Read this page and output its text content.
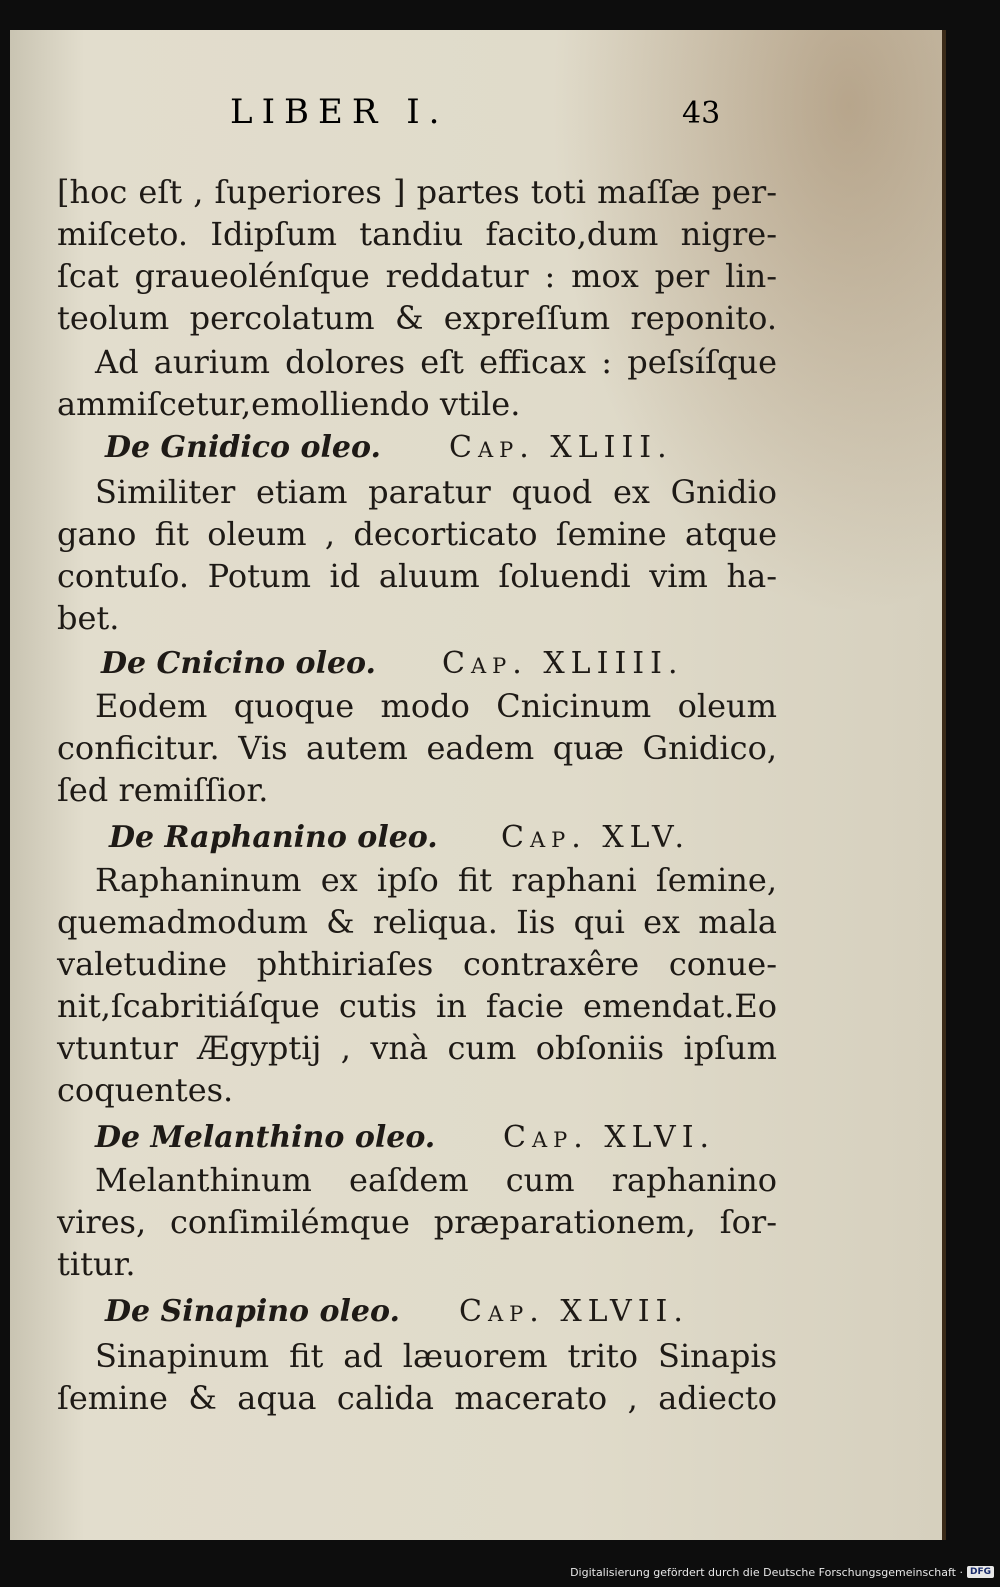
LIBER I.	43
[hoc eſt , ſuperiores ] partes toti maſſæ per-
miſceto. Idipſum tandiu facito,dum nigre-
ſcat graueolénſque reddatur : mox per lin-
teolum percolatum & expreſſum reponito.
Ad aurium dolores eſt efficax : peſsíſque
ammiſcetur,emolliendo vtile.
De Gnidico oleo. Cap. XLIII.
Similiter etiam paratur quod ex Gnidio
gano fit oleum , decorticato ſemine atque
contuſo. Potum id aluum ſoluendi vim ha-
bet.
De Cnicino oleo. Cap. XLIIII.
Eodem quoque modo Cnicinum oleum
conficitur. Vis autem eadem quæ Gnidico,
ſed remiſſior.
De Raphanino oleo. Cap. XLV.
Raphaninum ex ipſo fit raphani ſemine,
quemadmodum & reliqua. Iis qui ex mala
valetudine phthiriaſes contraxêre conue-
nit,ſcabritiáſque cutis in facie emendat.Eo
vtuntur Ægyptij , vnà cum obſoniis ipſum
coquentes.
De Melanthino oleo. Cap. XLVI.
Melanthinum eaſdem cum raphanino
vires, conſimilémque præparationem, ſor-
titur.
De Sinapino oleo. Cap. XLVII.
Sinapinum fit ad læuorem trito Sinapis
ſemine & aqua calida macerato , adiecto
Digitalisierung gefördert durch die Deutsche Forschungsgemeinschaft · DFG
